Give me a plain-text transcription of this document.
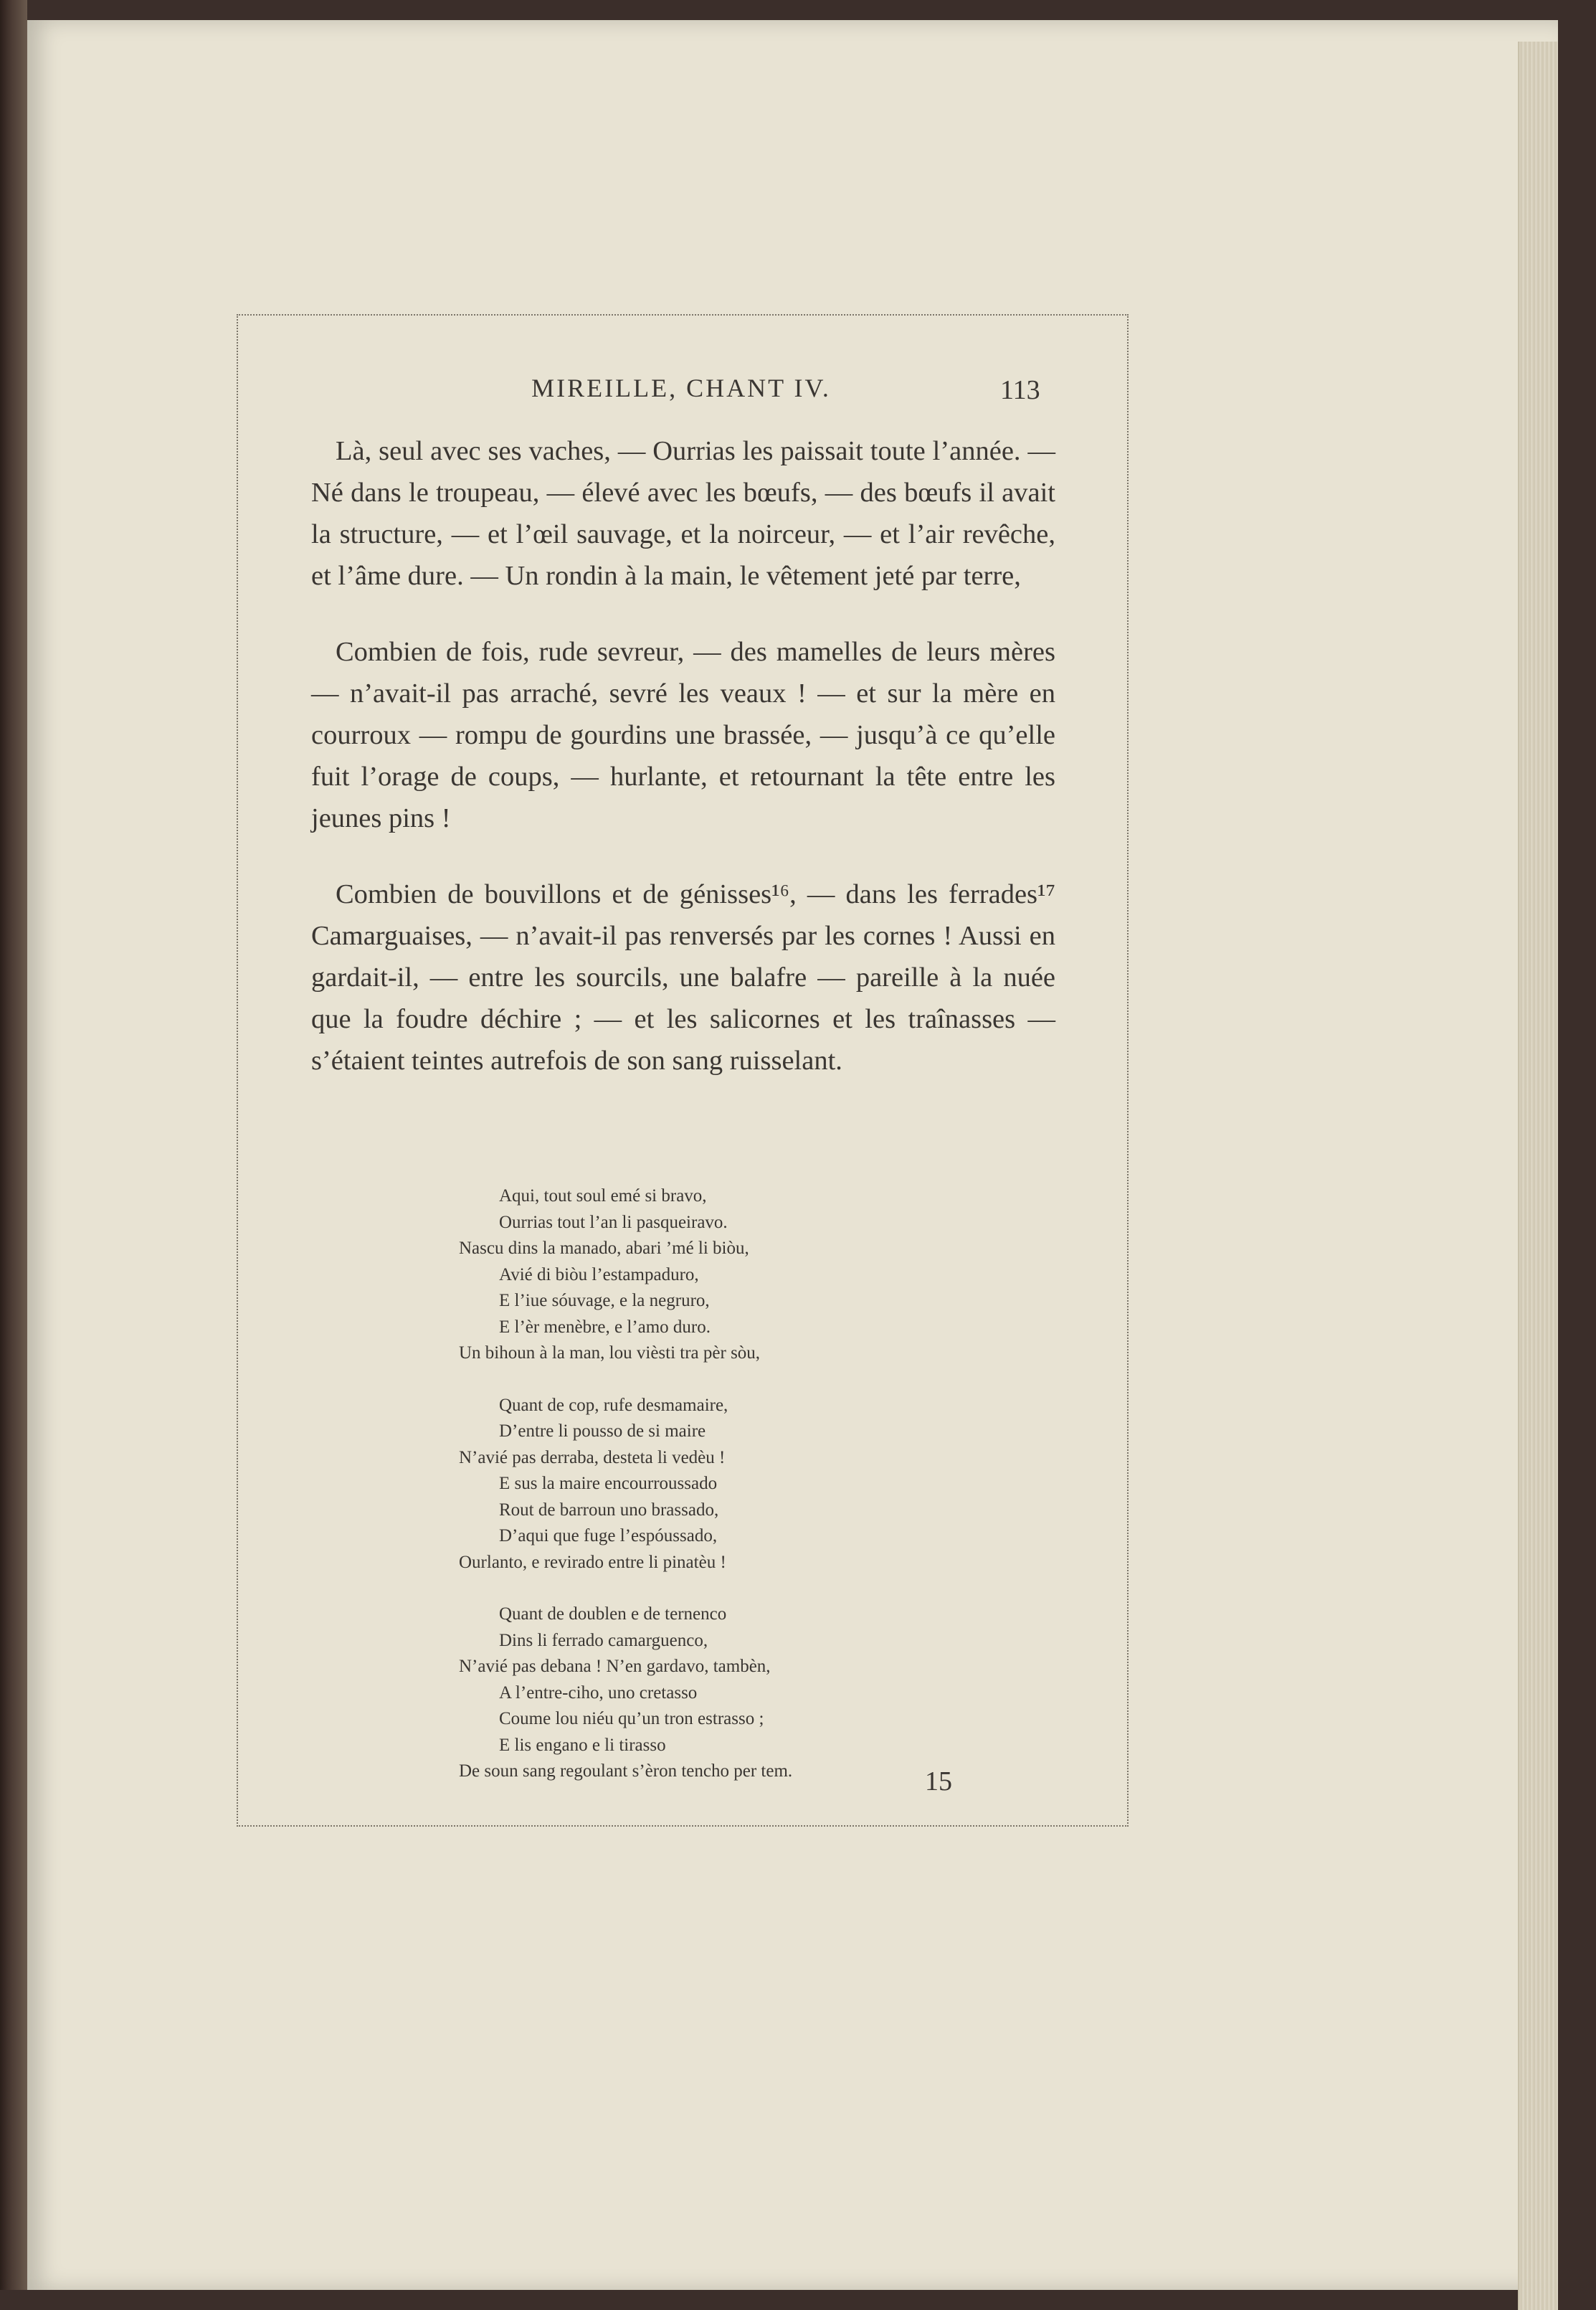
MIREILLE, CHANT IV.	113

Là, seul avec ses vaches, — Ourrias les paissait toute l’année. — Né dans le troupeau, — élevé avec les bœufs, — des bœufs il avait la structure, — et l’œil sauvage, et la noirceur, — et l’air revêche, et l’âme dure. — Un rondin à la main, le vêtement jeté par terre,

Combien de fois, rude sevreur, — des mamelles de leurs mères — n’avait-il pas arraché, sevré les veaux ! — et sur la mère en courroux — rompu de gourdins une brassée, — jusqu’à ce qu’elle fuit l’orage de coups, — hurlante, et retournant la tête entre les jeunes pins !

Combien de bouvillons et de génisses¹⁶, — dans les ferrades¹⁷ Camarguaises, — n’avait-il pas renversés par les cornes ! Aussi en gardait-il, — entre les sourcils, une balafre — pareille à la nuée que la foudre déchire ; — et les salicornes et les traînasses — s’étaient teintes autrefois de son sang ruisselant.

Aqui, tout soul emé si bravo,
Ourrias tout l’an li pasqueiravo.
Nascu dins la manado, abari ’mé li biòu,
Avié di biòu l’estampaduro,
E l’iue sóuvage, e la negruro,
E l’èr menèbre, e l’amo duro.
Un bihoun à la man, lou vièsti tra pèr sòu,
Quant de cop, rufe desmamaire,
D’entre li pousso de si maire
N’avié pas derraba, desteta li vedèu !
E sus la maire encourroussado
Rout de barroun uno brassado,
D’aqui que fuge l’espóussado,
Ourlanto, e revirado entre li pinatèu !
Quant de doublen e de ternenco
Dins li ferrado camarguenco,
N’avié pas debana ! N’en gardavo, tambèn,
A l’entre-ciho, uno cretasso
Coume lou niéu qu’un tron estrasso ;
E lis engano e li tirasso
De soun sang regoulant s’èron tencho per tem.	15
